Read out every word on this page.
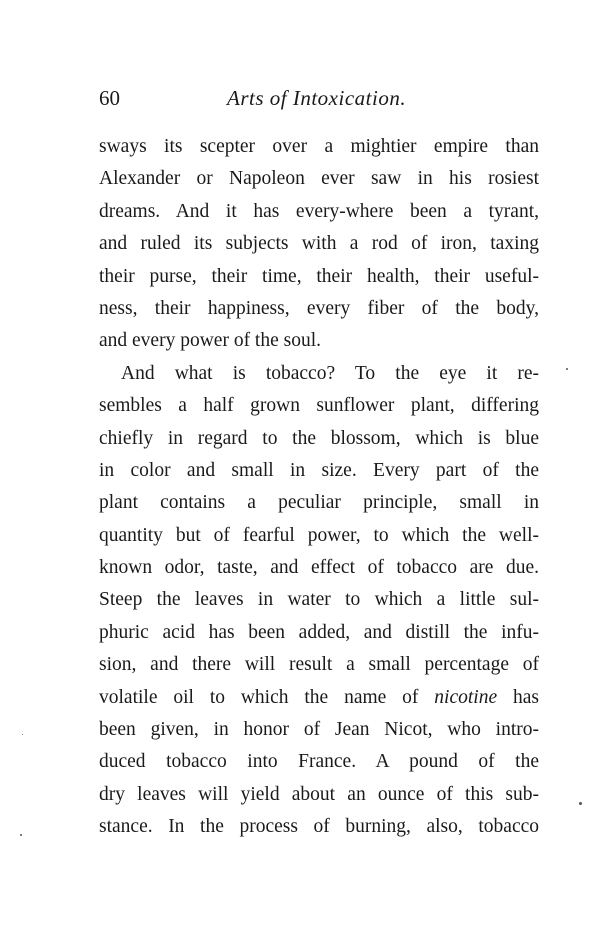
60	Arts of Intoxication.
sways its scepter over a mightier empire than
Alexander or Napoleon ever saw in his rosiest
dreams. And it has every-where been a tyrant,
and ruled its subjects with a rod of iron, taxing
their purse, their time, their health, their useful-
ness, their happiness, every fiber of the body,
and every power of the soul.
And what is tobacco? To the eye it re-
sembles a half grown sunflower plant, differing
chiefly in regard to the blossom, which is blue
in color and small in size. Every part of the
plant contains a peculiar principle, small in
quantity but of fearful power, to which the well-
known odor, taste, and effect of tobacco are due.
Steep the leaves in water to which a little sul-
phuric acid has been added, and distill the infu-
sion, and there will result a small percentage of
volatile oil to which the name of nicotine has
been given, in honor of Jean Nicot, who intro-
duced tobacco into France. A pound of the
dry leaves will yield about an ounce of this sub-
stance. In the process of burning, also, tobacco
